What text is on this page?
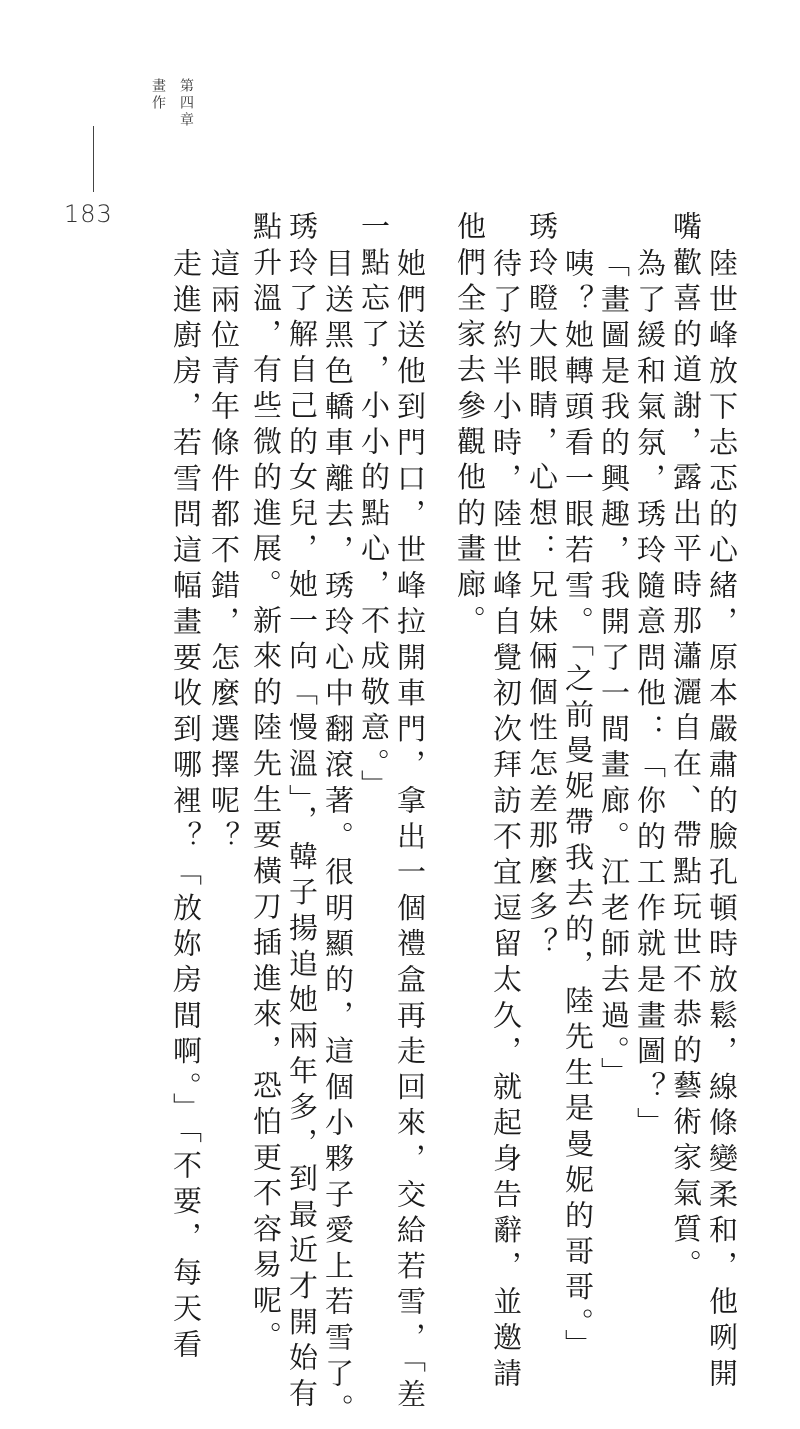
第四章
畫作
183

陸世峰放下忐忑的心緒，原本嚴肅的臉孔頓時放鬆，線條變柔和，他咧開

嘴歡喜的道謝，露出平時那瀟灑自在、帶點玩世不恭的藝術家氣質。

為了緩和氣氛，琇玲隨意問他：「你的工作就是畫圖？」

「畫圖是我的興趣，我開了一間畫廊。江老師去過。」

咦？她轉頭看一眼若雪。「之前曼妮帶我去的，陸先生是曼妮的哥哥。」

琇玲瞪大眼睛，心想：兄妹倆個性怎差那麼多？

待了約半小時，陸世峰自覺初次拜訪不宜逗留太久，就起身告辭，並邀請

他們全家去參觀他的畫廊。

她們送他到門口，世峰拉開車門，拿出一個禮盒再走回來，交給若雪，「差

一點忘了，小小的點心，不成敬意。」

目送黑色轎車離去，琇玲心中翻滾著。很明顯的，這個小夥子愛上若雪了。

琇玲了解自己的女兒，她一向「慢溫」，韓子揚追她兩年多，到最近才開始有

點升溫，有些微的進展。新來的陸先生要橫刀插進來，恐怕更不容易呢。

這兩位青年條件都不錯，怎麼選擇呢？

走進廚房，若雪問這幅畫要收到哪裡？「放妳房間啊。」「不要，每天看
